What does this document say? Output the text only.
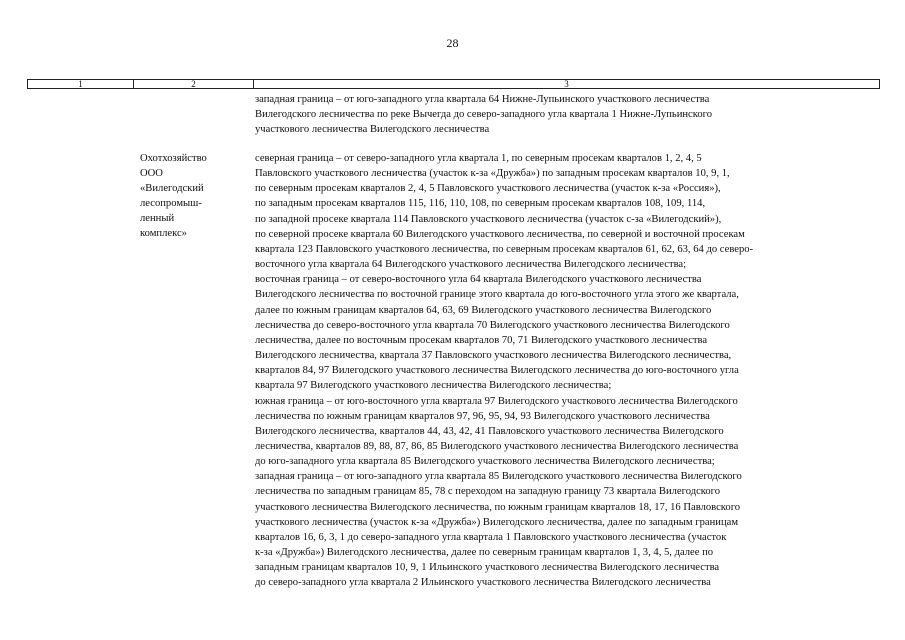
28
1	2	3
западная граница – от юго-западного угла квартала 64 Нижне-Лупьинского участкового лесничества
Вилегодского лесничества по реке Вычегда до северо-западного угла квартала 1 Нижне-Лупьинского
участкового лесничества Вилегодского лесничества
Охотхозяйство
ООО
«Вилегодский
лесопромыш-
ленный
комплекс»
северная граница – от северо-западного угла квартала 1, по северным просекам кварталов 1, 2, 4, 5
Павловского участкового лесничества (участок к-за «Дружба») по западным просекам кварталов 10, 9, 1,
по северным просекам кварталов 2, 4, 5 Павловского участкового лесничества (участок к-за «Россия»),
по западным просекам кварталов 115, 116, 110, 108, по северным просекам кварталов 108, 109, 114,
по западной просеке квартала 114 Павловского участкового лесничества (участок с-за «Вилегодский»),
по северной просеке квартала 60 Вилегодского участкового лесничества, по северной и восточной просекам
квартала 123 Павловского участкового лесничества, по северным просекам кварталов 61, 62, 63, 64 до северо-
восточного угла квартала 64 Вилегодского участкового лесничества Вилегодского лесничества;
восточная граница – от северо-восточного угла 64 квартала Вилегодского участкового лесничества
Вилегодского лесничества по восточной границе этого квартала до юго-восточного угла этого же квартала,
далее по южным границам кварталов 64, 63, 69 Вилегодского участкового лесничества Вилегодского
лесничества до северо-восточного угла квартала 70 Вилегодского участкового лесничества Вилегодского
лесничества, далее по восточным просекам кварталов 70, 71 Вилегодского участкового лесничества
Вилегодского лесничества, квартала 37 Павловского участкового лесничества Вилегодского лесничества,
кварталов 84, 97 Вилегодского участкового лесничества Вилегодского лесничества до юго-восточного угла
квартала 97 Вилегодского участкового лесничества Вилегодского лесничества;
южная граница – от юго-восточного угла квартала 97 Вилегодского участкового лесничества Вилегодского
лесничества по южным границам кварталов 97, 96, 95, 94, 93 Вилегодского участкового лесничества
Вилегодского лесничества, кварталов 44, 43, 42, 41 Павловского участкового лесничества Вилегодского
лесничества, кварталов 89, 88, 87, 86, 85 Вилегодского участкового лесничества Вилегодского лесничества
до юго-западного угла квартала 85 Вилегодского участкового лесничества Вилегодского лесничества;
западная граница – от юго-западного угла квартала 85 Вилегодского участкового лесничества Вилегодского
лесничества по западным границам 85, 78 с переходом на западную границу 73 квартала Вилегодского
участкового лесничества Вилегодского лесничества, по южным границам кварталов 18, 17, 16 Павловского
участкового лесничества (участок к-за «Дружба») Вилегодского лесничества, далее по западным границам
кварталов 16, 6, 3, 1 до северо-западного угла квартала 1 Павловского участкового лесничества (участок
к-за «Дружба») Вилегодского лесничества, далее по северным границам кварталов 1, 3, 4, 5, далее по
западным границам кварталов 10, 9, 1 Ильинского участкового лесничества Вилегодского лесничества
до северо-западного угла квартала 2 Ильинского участкового лесничества Вилегодского лесничества
